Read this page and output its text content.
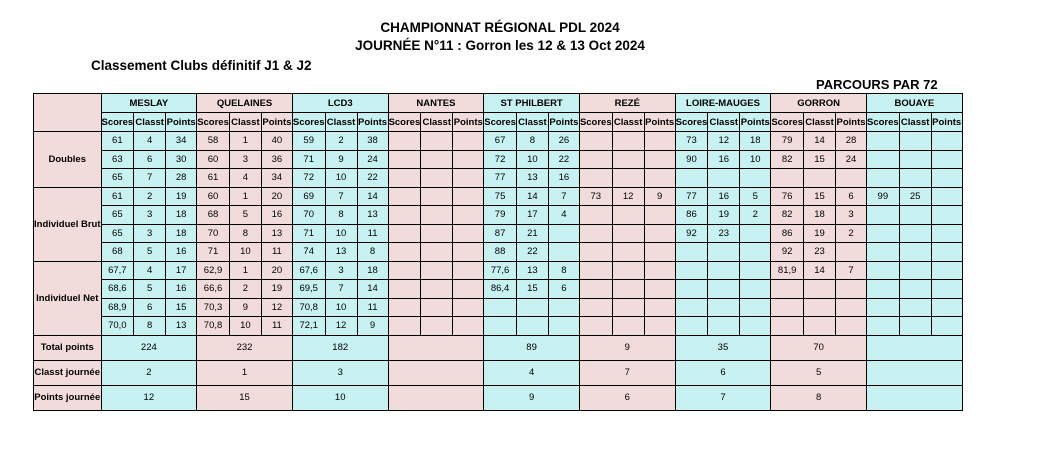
CHAMPIONNAT RÉGIONAL PDL 2024
JOURNÉE N°11 : Gorron les 12 & 13 Oct 2024
Classement Clubs définitif J1 & J2
PARCOURS PAR 72
	MESLAY			QUELAINES			LCD3			NANTES			ST PHILBERT			REZÉ			LOIRE-MAUGES			GORRON			BOUAYE		
	Scores	Classt	Points	Scores	Classt	Points	Scores	Classt	Points	Scores	Classt	Points	Scores	Classt	Points	Scores	Classt	Points	Scores	Classt	Points	Scores	Classt	Points	Scores	Classt	Points
Doubles	61	4	34	58	1	40	59	2	38				67	8	26				73	12	18	79	14	28			
	63	6	30	60	3	36	71	9	24				72	10	22				90	16	10	82	15	24			
	65	7	28	61	4	34	72	10	22				77	13	16												
Individuel Brut	61	2	19	60	1	20	69	7	14				75	14	7	73	12	9	77	16	5	76	15	6	99	25	
	65	3	18	68	5	16	70	8	13				79	17	4				86	19	2	82	18	3			
	65	3	18	70	8	13	71	10	11				87	21					92	23		86	19	2			
	68	5	16	71	10	11	74	13	8				88	22								92	23				
Individuel Net	67,7	4	17	62,9	1	20	67,6	3	18				77,6	13	8							81,9	14	7			
	68,6	5	16	66,6	2	19	69,5	7	14				86,4	15	6												
	68,9	6	15	70,3	9	12	70,8	10	11																		
	70,0	8	13	70,8	10	11	72,1	12	9																		
Total points	224			232			182						89			9			35			70					
Classt journée	2			1			3						4			7			6			5					
Points journée	12			15			10						9			6			7			8					
